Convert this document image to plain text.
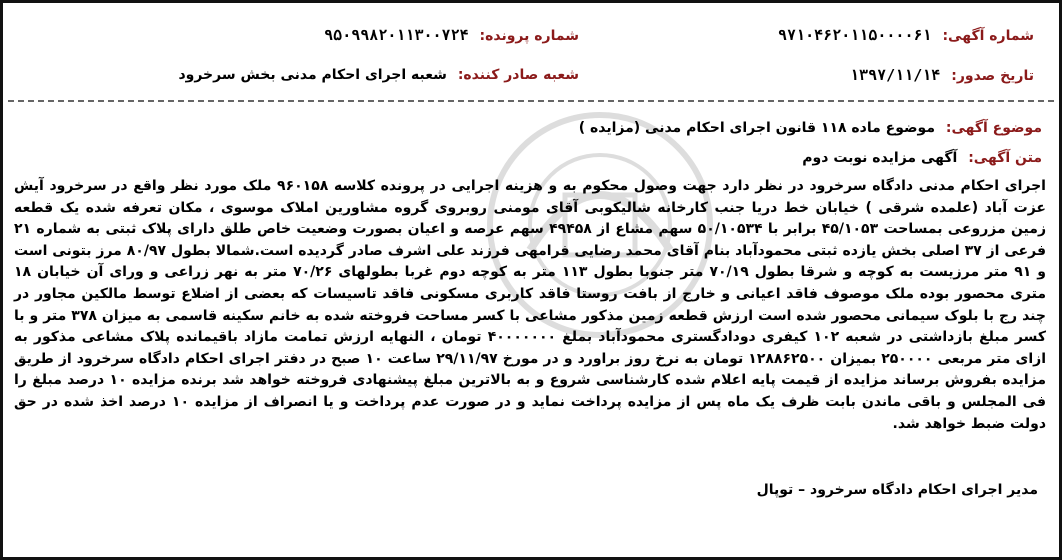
شماره آگهی: ۹۷۱۰۴۶۲۰۱۱۵۰۰۰۰۶۱
شماره پرونده: ۹۵۰۹۹۸۲۰۱۱۳۰۰۷۲۴
تاریخ صدور: ۱۳۹۷/۱۱/۱۴
شعبه صادر کننده: شعبه اجرای احکام مدنی بخش سرخرود
موضوع آگهی: موضوع ماده ۱۱۸ قانون اجرای احکام مدنی (مزایده )
متن آگهی: آگهی مزایده نوبت دوم
اجرای احکام مدنی دادگاه سرخرود در نظر دارد جهت وصول محکوم به و هزینه اجرایی در پرونده کلاسه ۹۶۰۱۵۸ ملک مورد نظر واقع در سرخرود آیش عزت آباد (علمده شرقی ) خیابان خط دریا جنب کارخانه شالیکوبی آقای مومنی روبروی گروه مشاورین املاک موسوی ، مکان تعرفه شده یک قطعه زمین مزروعی بمساحت ۴۵/۱۰۵۳ برابر با ۵۰/۱۰۵۳۴ سهم مشاع از ۴۹۴۵۸ سهم عرصه و اعیان بصورت وضعیت خاص طلق دارای پلاک ثبتی به شماره ۲۱ فرعی از ۳۷ اصلی بخش یازده ثبتی محمودآباد بنام آقای محمد رضایی فرامهی فرزند علی اشرف صادر گردیده است.شمالا بطول ۸۰/۹۷ مرز بتونی است و ۹۱ متر مرزیست به کوچه و شرقا بطول ۷۰/۱۹ متر جنوبا بطول ۱۱۳ متر به کوچه دوم غربا بطولهای ۷۰/۲۶ متر به نهر زراعی و ورای آن خیابان ۱۸ متری محصور بوده ملک موصوف فاقد اعیانی و خارج از بافت روستا فاقد کاربری مسکونی فاقد تاسیسات که بعضی از اضلاع توسط مالکین مجاور در چند رج با بلوک سیمانی محصور شده است ارزش قطعه زمین مذکور مشاعی با کسر مساحت فروخته شده به خانم سکینه قاسمی به میزان ۳۷۸ متر و با کسر مبلغ بازداشتی در شعبه ۱۰۲ کیفری دودادگستری محمودآباد بملغ ۴۰۰۰۰۰۰۰ تومان ، النهایه ارزش تمامت مازاد باقیمانده پلاک مشاعی مذکور به ازای متر مربعی ۲۵۰۰۰۰ بمیزان ۱۲۸۸۶۲۵۰۰ تومان به نرخ روز براورد و در مورخ ۲۹/۱۱/۹۷ ساعت ۱۰ صبح در دفتر اجرای احکام دادگاه سرخرود از طریق مزایده بفروش برساند مزایده از قیمت پایه اعلام شده کارشناسی شروع و به بالاترین مبلغ پیشنهادی فروخته خواهد شد برنده مزایده ۱۰ درصد مبلغ را فی المجلس و باقی ماندن بابت ظرف یک ماه پس از مزایده پرداخت نماید و در صورت عدم پرداخت و یا انصراف از مزایده ۱۰ درصد اخذ شده در حق دولت ضبط خواهد شد.
مدیر اجرای احکام دادگاه سرخرود – توپال
